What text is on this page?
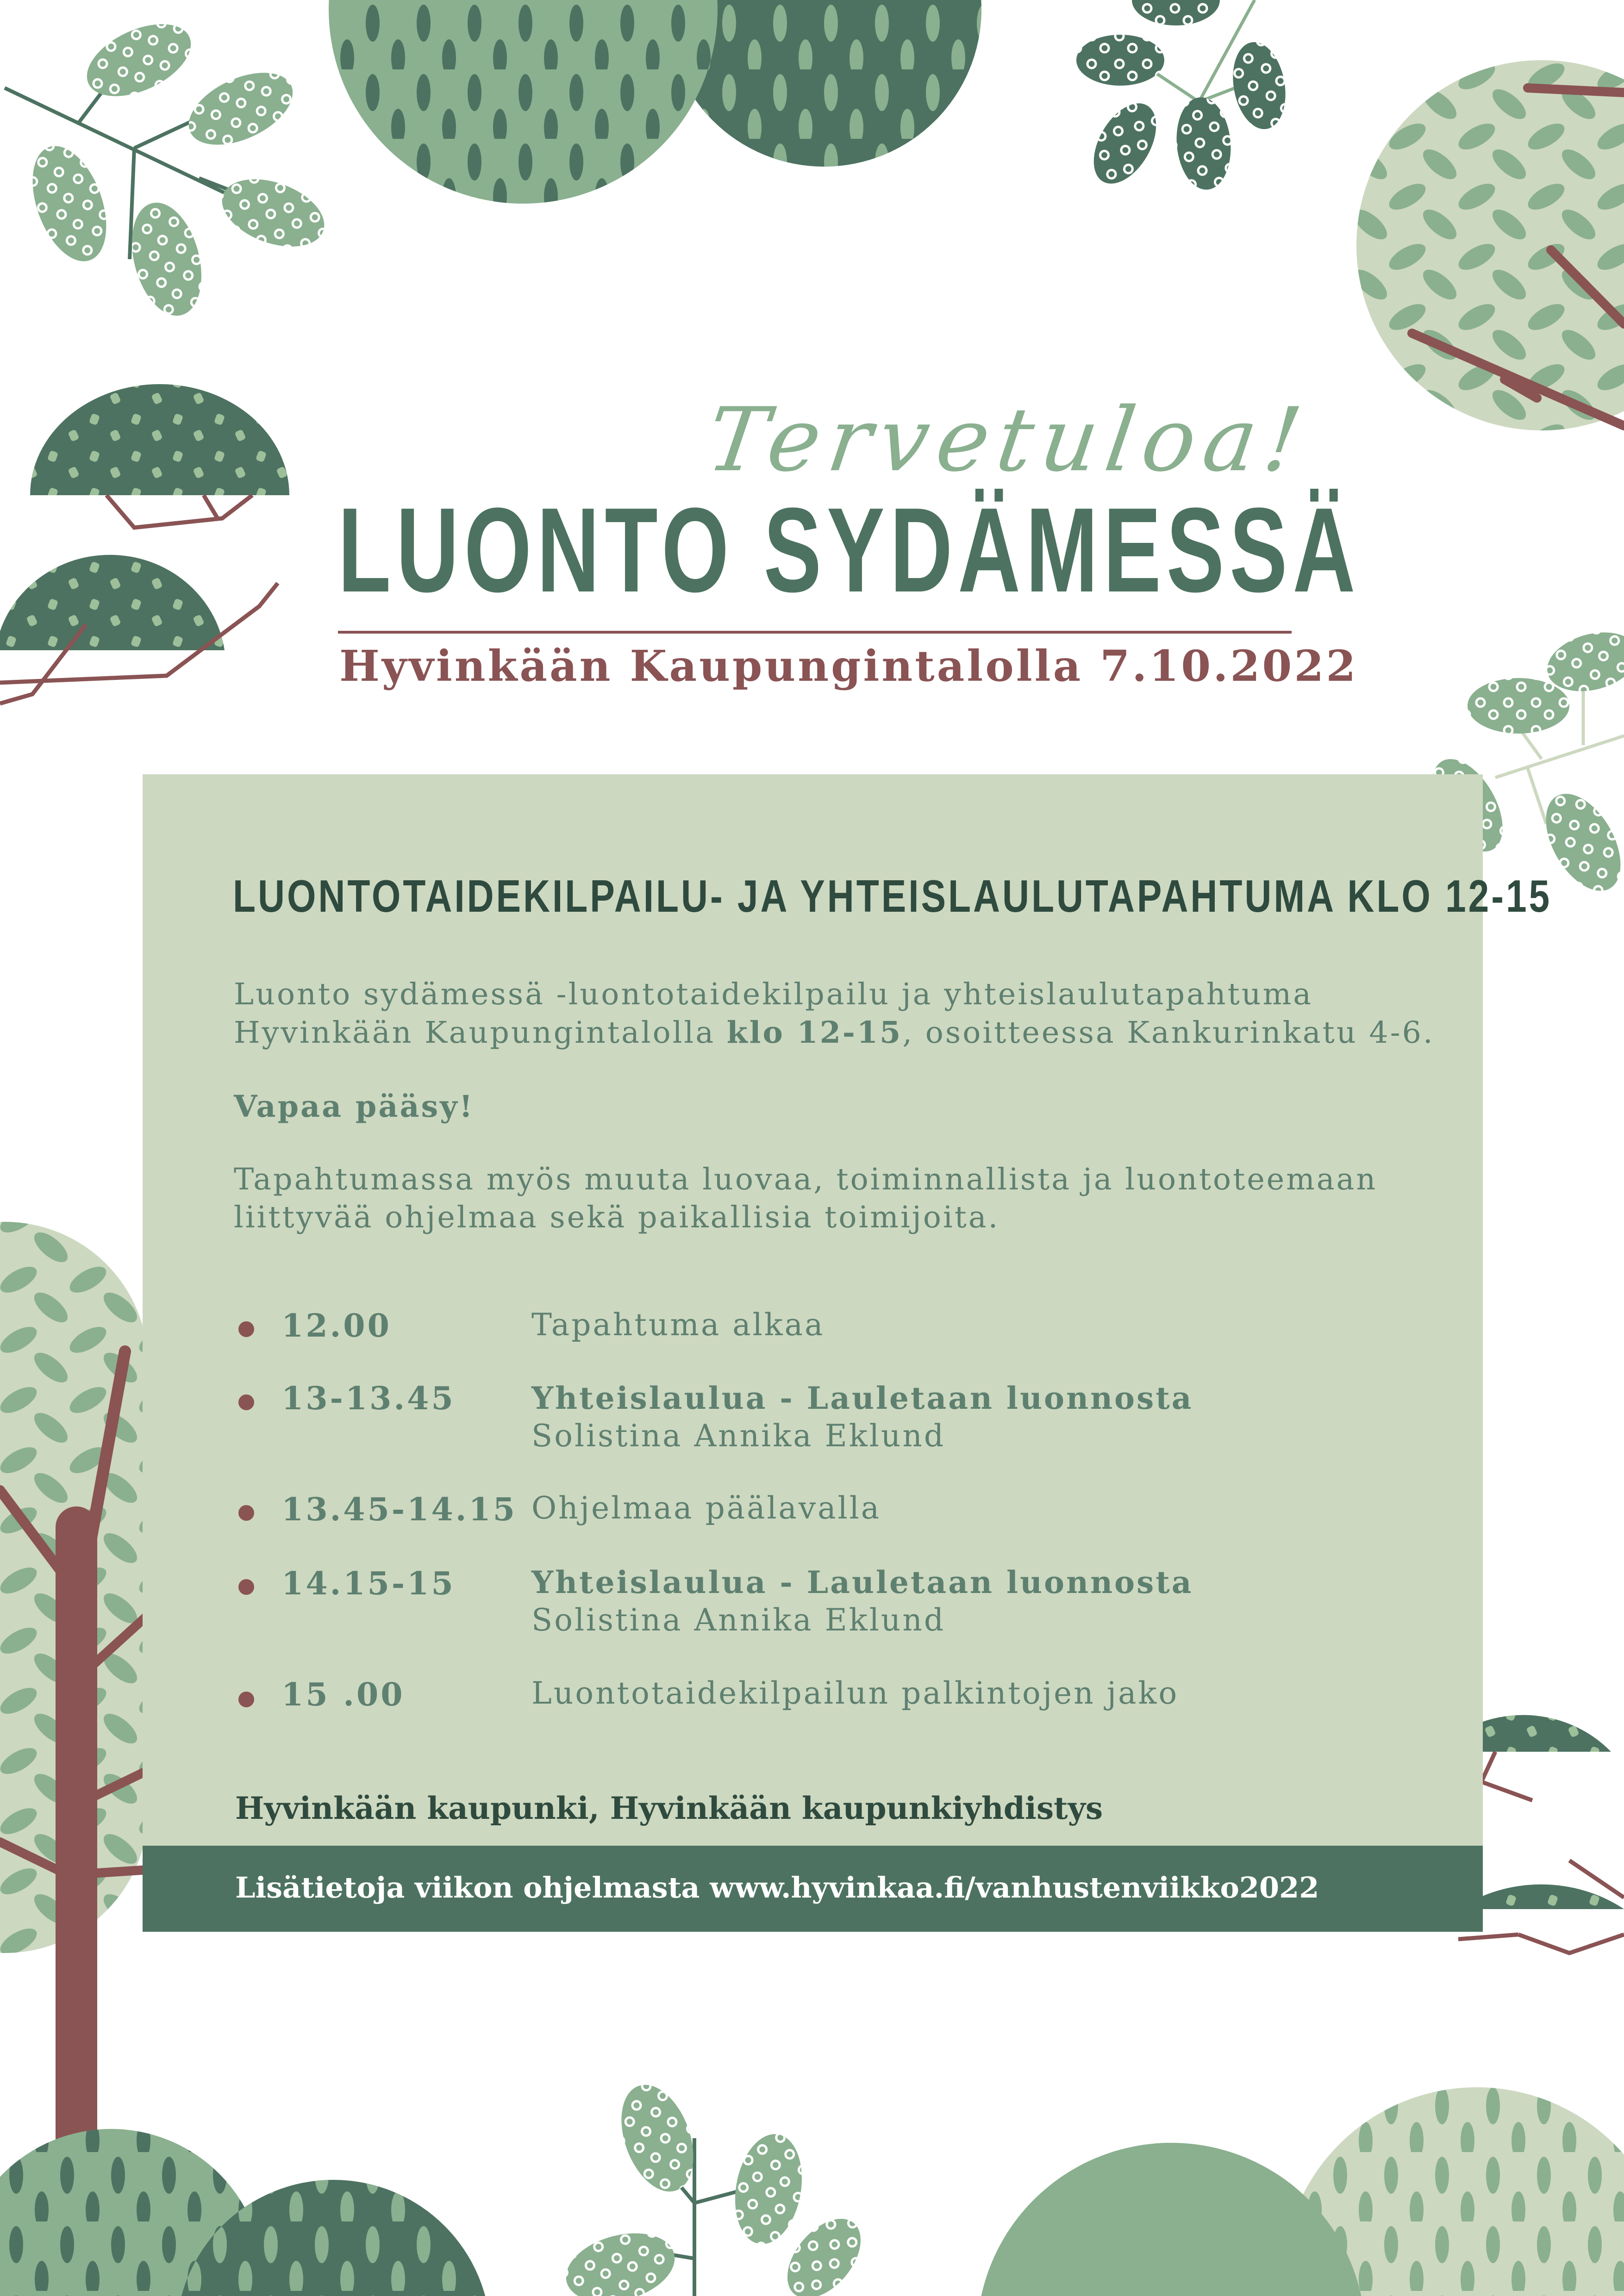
Tervetuloa!
LUONTO SYDÄMESSÄ
Hyvinkään Kaupungintalolla 7.10.2022
LUONTOTAIDEKILPAILU- JA YHTEISLAULUTAPAHTUMA KLO 12-15
Luonto sydämessä -luontotaidekilpailu ja yhteislaulutapahtuma
Hyvinkään Kaupungintalolla klo 12-15, osoitteessa Kankurinkatu 4-6.
Vapaa pääsy!
Tapahtumassa myös muuta luovaa, toiminnallista ja luontoteemaan
liittyvää ohjelmaa sekä paikallisia toimijoita.
12.00	Tapahtuma alkaa
13-13.45 Yhteislaulua - Lauletaan luonnosta
Solistina Annika Eklund
13.45-14.15 Ohjelmaa päälavalla
14.15-15 Yhteislaulua - Lauletaan luonnosta
Solistina Annika Eklund
15 .00	Luontotaidekilpailun palkintojen jako
Hyvinkään kaupunki, Hyvinkään kaupunkiyhdistys
Lisätietoja viikon ohjelmasta www.hyvinkaa.fi/vanhustenviikko2022
